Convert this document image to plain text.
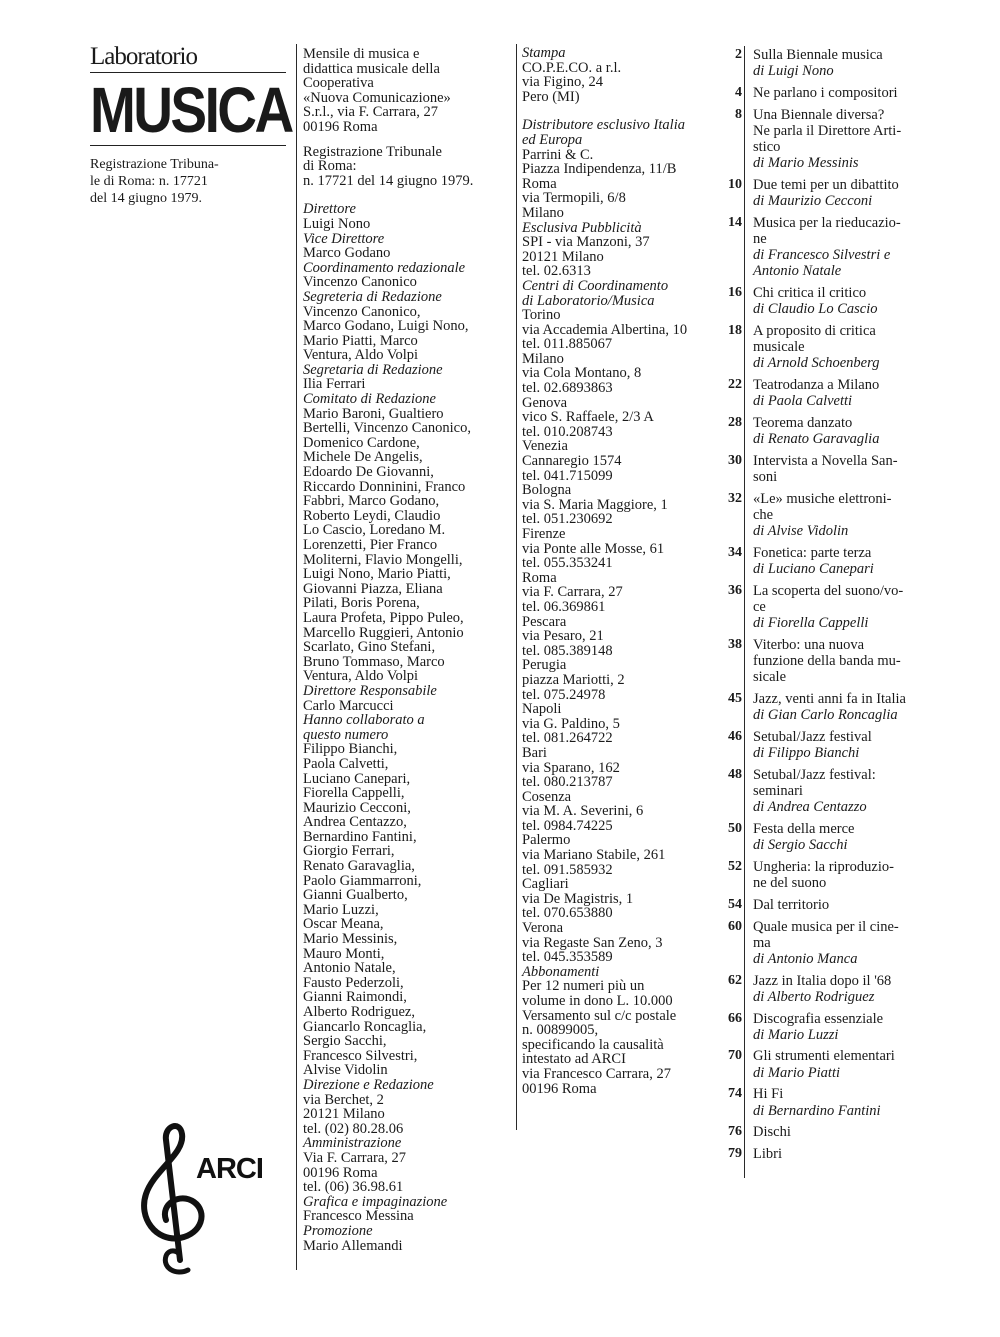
Laboratorio
MUSICA
Registrazione Tribuna-
le di Roma: n. 17721
del 14 giugno 1979.
ARCI
Mensile di musica e
didattica musicale della
Cooperativa
«Nuova Comunicazione»
S.r.l., via F. Carrara, 27
00196 Roma
Registrazione Tribunale
di Roma:
n. 17721 del 14 giugno 1979.
Direttore
Luigi Nono
Vice Direttore
Marco Godano
Coordinamento redazionale
Vincenzo Canonico
Segreteria di Redazione
Vincenzo Canonico,
Marco Godano, Luigi Nono,
Mario Piatti, Marco
Ventura, Aldo Volpi
Segretaria di Redazione
Ilia Ferrari
Comitato di Redazione
Mario Baroni, Gualtiero
Bertelli, Vincenzo Canonico,
Domenico Cardone,
Michele De Angelis,
Edoardo De Giovanni,
Riccardo Donninini, Franco
Fabbri, Marco Godano,
Roberto Leydi, Claudio
Lo Cascio, Loredano M.
Lorenzetti, Pier Franco
Moliterni, Flavio Mongelli,
Luigi Nono, Mario Piatti,
Giovanni Piazza, Eliana
Pilati, Boris Porena,
Laura Profeta, Pippo Puleo,
Marcello Ruggieri, Antonio
Scarlato, Gino Stefani,
Bruno Tommaso, Marco
Ventura, Aldo Volpi
Direttore Responsabile
Carlo Marcucci
Hanno collaborato a
questo numero
Filippo Bianchi,
Paola Calvetti,
Luciano Canepari,
Fiorella Cappelli,
Maurizio Cecconi,
Andrea Centazzo,
Bernardino Fantini,
Giorgio Ferrari,
Renato Garavaglia,
Paolo Giammarroni,
Gianni Gualberto,
Mario Luzzi,
Oscar Meana,
Mario Messinis,
Mauro Monti,
Antonio Natale,
Fausto Pederzoli,
Gianni Raimondi,
Alberto Rodriguez,
Giancarlo Roncaglia,
Sergio Sacchi,
Francesco Silvestri,
Alvise Vidolin
Direzione e Redazione
via Berchet, 2
20121 Milano
tel. (02) 80.28.06
Amministrazione
Via F. Carrara, 27
00196 Roma
tel. (06) 36.98.61
Grafica e impaginazione
Francesco Messina
Promozione
Mario Allemandi
Stampa
CO.P.E.CO. a r.l.
via Figino, 24
Pero (MI)
Distributore esclusivo Italia
ed Europa
Parrini & C.
Piazza Indipendenza, 11/B
Roma
via Termopili, 6/8
Milano
Esclusiva Pubblicità
SPI - via Manzoni, 37
20121 Milano
tel. 02.6313
Centri di Coordinamento
di Laboratorio/Musica
Torino
via Accademia Albertina, 10
tel. 011.885067
Milano
via Cola Montano, 8
tel. 02.6893863
Genova
vico S. Raffaele, 2/3 A
tel. 010.208743
Venezia
Cannaregio 1574
tel. 041.715099
Bologna
via S. Maria Maggiore, 1
tel. 051.230692
Firenze
via Ponte alle Mosse, 61
tel. 055.353241
Roma
via F. Carrara, 27
tel. 06.369861
Pescara
via Pesaro, 21
tel. 085.389148
Perugia
piazza Mariotti, 2
tel. 075.24978
Napoli
via G. Paldino, 5
tel. 081.264722
Bari
via Sparano, 162
tel. 080.213787
Cosenza
via M. A. Severini, 6
tel. 0984.74225
Palermo
via Mariano Stabile, 261
tel. 091.585932
Cagliari
via De Magistris, 1
tel. 070.653880
Verona
via Regaste San Zeno, 3
tel. 045.353589
Abbonamenti
Per 12 numeri più un
volume in dono L. 10.000
Versamento sul c/c postale
n. 00899005,
specificando la causalità
intestato ad ARCI
via Francesco Carrara, 27
00196 Roma
2 Sulla Biennale musica
di Luigi Nono
4 Ne parlano i compositori
8 Una Biennale diversa?
Ne parla il Direttore Arti-
stico
di Mario Messinis
10 Due temi per un dibattito
di Maurizio Cecconi
14 Musica per la rieducazio-
ne
di Francesco Silvestri e Antonio Natale
16 Chi critica il critico
di Claudio Lo Cascio
18 A proposito di critica
musicale
di Arnold Schoenberg
22 Teatrodanza a Milano
di Paola Calvetti
28 Teorema danzato
di Renato Garavaglia
30 Intervista a Novella San-
soni
32 «Le» musiche elettroni-
che
di Alvise Vidolin
34 Fonetica: parte terza
di Luciano Canepari
36 La scoperta del suono/vo-
ce
di Fiorella Cappelli
38 Viterbo: una nuova
funzione della banda mu-
sicale
45 Jazz, venti anni fa in Italia
di Gian Carlo Roncaglia
46 Setubal/Jazz festival
di Filippo Bianchi
48 Setubal/Jazz festival:
seminari
di Andrea Centazzo
50 Festa della merce
di Sergio Sacchi
52 Ungheria: la riproduzio-
ne del suono
54 Dal territorio
60 Quale musica per il cine-
ma
di Antonio Manca
62 Jazz in Italia dopo il '68
di Alberto Rodriguez
66 Discografia essenziale
di Mario Luzzi
70 Gli strumenti elementari
di Mario Piatti
74 Hi Fi
di Bernardino Fantini
76 Dischi
79 Libri
